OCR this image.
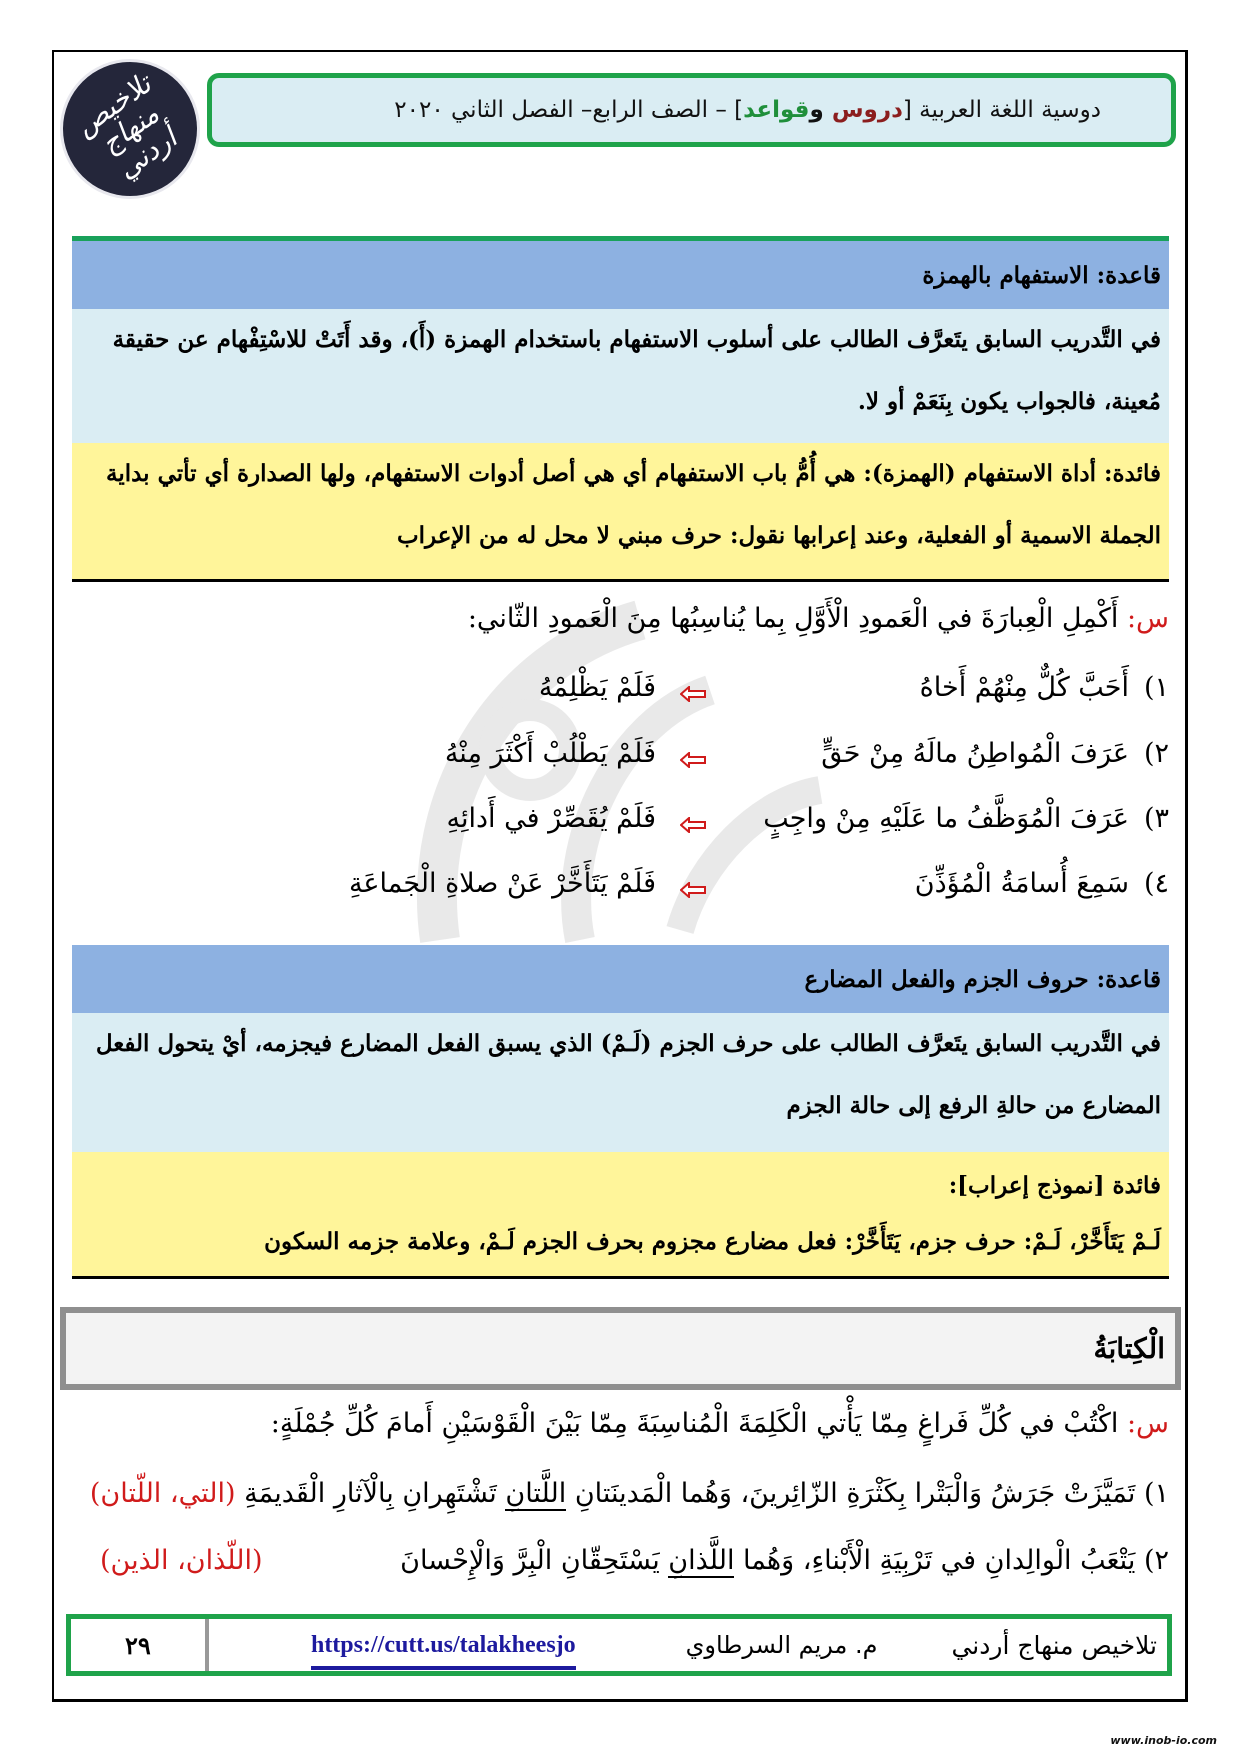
تلاخيص منهاج أردني
دوسية اللغة العربية [دروس وقواعد] – الصف الرابع– الفصل الثاني ٢٠٢٠
قاعدة: الاستفهام بالهمزة
في التَّدريب السابق يتَعرَّف الطالب على أسلوب الاستفهام باستخدام الهمزة (أَ)، وقد أَتَتْ للاسْتِفْهام عن حقيقة مُعينة، فالجواب يكون بِنَعَمْ أو لا.
فائدة: أداة الاستفهام (الهمزة): هي أُمُّ باب الاستفهام أي هي أصل أدوات الاستفهام، ولها الصدارة أي تأتي بداية الجملة الاسمية أو الفعلية، وعند إعرابها نقول: حرف مبني لا محل له من الإعراب
س: أَكْمِلِ الْعِبارَةَ في الْعَمودِ الْأَوَّلِ بِما يُناسِبُها مِنَ الْعَمودِ الثّاني:
١)أَحَبَّ كُلٌّ مِنْهُمْ أَخاهُ
فَلَمْ يَظْلِمْهُ
٢)عَرَفَ الْمُواطِنُ مالَهُ مِنْ حَقٍّ
فَلَمْ يَطْلُبْ أَكْثَرَ مِنْهُ
٣)عَرَفَ الْمُوَظَّفُ ما عَلَيْهِ مِنْ واجِبٍ
فَلَمْ يُقَصِّرْ في أَدائِهِ
٤)سَمِعَ أُسامَةُ الْمُؤَذِّنَ
فَلَمْ يَتَأَخَّرْ عَنْ صلاةِ الْجَماعَةِ
قاعدة: حروف الجزم والفعل المضارع
في التَّدريب السابق يتَعرَّف الطالب على حرف الجزم (لَـمْ) الذي يسبق الفعل المضارع فيجزمه، أيْ يتحول الفعل المضارع من حالةِ الرفع إلى حالة الجزم
فائدة [نموذج إعراب]:
لَـمْ يَتَأَخَّرْ، لَـمْ: حرف جزم، يَتَأَخَّرْ: فعل مضارع مجزوم بحرف الجزم لَـمْ، وعلامة جزمه السكون
الْكِتابَةُ
س: اكْتُبْ في كُلِّ فَراغٍ مِمّا يَأْتي الْكَلِمَةَ الْمُناسِبَةَ مِمّا بَيْنَ الْقَوْسَيْنِ أَمامَ كُلِّ جُمْلَةٍ:
١) تَمَيَّزَتْ جَرَشُ وَالْبَتْرا بِكَثْرَةِ الزّائِرينَ، وَهُما الْمَدينَتانِ اللَّتانِ تَشْتَهِرانِ بِالْآثارِ الْقَديمَةِ (التي، اللّتان)
٢) يَتْعَبُ الْوالِدانِ في تَرْبِيَةِ الْأَبْناءِ، وَهُما اللَّذانِ يَسْتَحِقّانِ الْبِرَّ وَالْإِحْسانَ
(اللّذان، الذين)
تلاخيص منهاج أردني
م. مريم السرطاوي
https://cutt.us/talakheesjo
٢٩
www.inob-io.com
